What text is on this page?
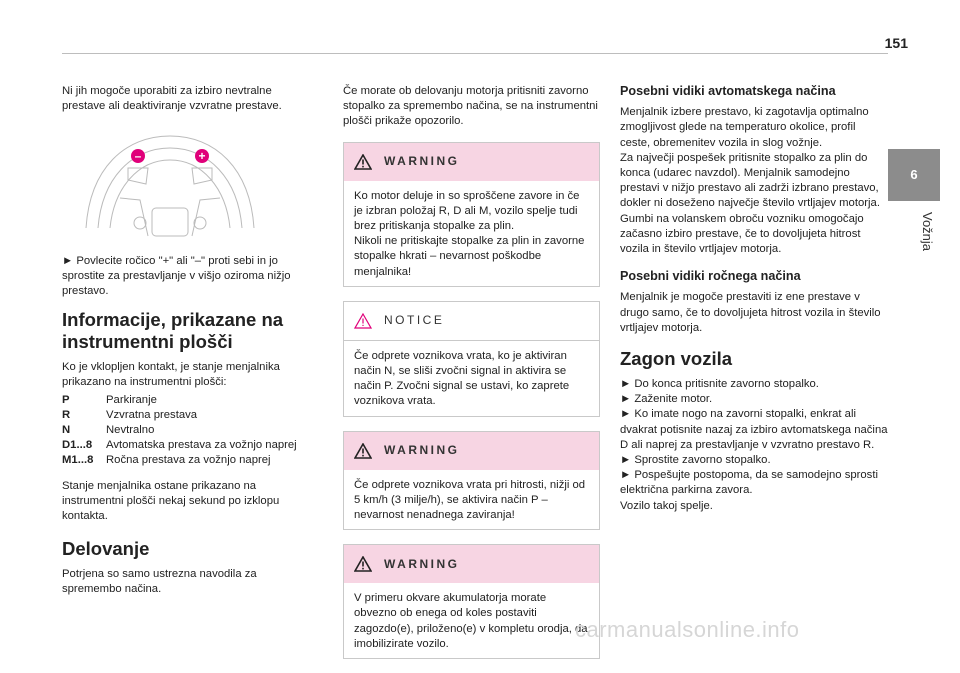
151
6
Vožnja

Ni jih mogoče uporabiti za izbiro nevtralne prestave ali deaktiviranje vzvratne prestave.

–	+

► Povlecite ročico "+" ali "–" proti sebi in jo sprostite za prestavljanje v višjo oziroma nižjo prestavo.

Informacije, prikazane na instrumentni plošči

Ko je vklopljen kontakt, je stanje menjalnika prikazano na instrumentni plošči:

P	Parkiranje
R	Vzvratna prestava
N	Nevtralno
D1...8	Avtomatska prestava za vožnjo naprej
M1...8	Ročna prestava za vožnjo naprej

Stanje menjalnika ostane prikazano na instrumentni plošči nekaj sekund po izklopu kontakta.

Delovanje

Potrjena so samo ustrezna navodila za spremembo načina.

Če morate ob delovanju motorja pritisniti zavorno stopalko za spremembo načina, se na instrumentni plošči prikaže opozorilo.

WARNING
Ko motor deluje in so sproščene zavore in če je izbran položaj R, D ali M, vozilo spelje tudi brez pritiskanja stopalke za plin.
Nikoli ne pritiskajte stopalke za plin in zavorne stopalke hkrati – nevarnost poškodbe menjalnika!
NOTICE
Če odprete voznikova vrata, ko je aktiviran način N, se sliši zvočni signal in aktivira se način P. Zvočni signal se ustavi, ko zaprete voznikova vrata.
WARNING
Če odprete voznikova vrata pri hitrosti, nižji od 5 km/h (3 milje/h), se aktivira način P – nevarnost nenadnega zaviranja!
WARNING
V primeru okvare akumulatorja morate obvezno ob enega od koles postaviti zagozdo(e), priloženo(e) v kompletu orodja, da imobilizirate vozilo.
Posebni vidiki avtomatskega načina

Menjalnik izbere prestavo, ki zagotavlja optimalno zmogljivost glede na temperaturo okolice, profil ceste, obremenitev vozila in slog vožnje.
Za največji pospešek pritisnite stopalko za plin do konca (udarec navzdol). Menjalnik samodejno prestavi v nižjo prestavo ali zadrži izbrano prestavo, dokler ni doseženo največje število vrtljajev motorja.
Gumbi na volanskem obroču vozniku omogočajo začasno izbiro prestave, če to dovoljujeta hitrost vozila in število vrtljajev motorja.

Posebni vidiki ročnega načina

Menjalnik je mogoče prestaviti iz ene prestave v drugo samo, če to dovoljujeta hitrost vozila in število vrtljajev motorja.

Zagon vozila

► Do konca pritisnite zavorno stopalko.
► Zaženite motor.
► Ko imate nogo na zavorni stopalki, enkrat ali dvakrat potisnite nazaj za izbiro avtomatskega načina D ali naprej za prestavljanje v vzvratno prestavo R.
► Sprostite zavorno stopalko.
► Pospešujte postopoma, da se samodejno sprosti električna parkirna zavora.
Vozilo takoj spelje.

carmanualsonline.info
